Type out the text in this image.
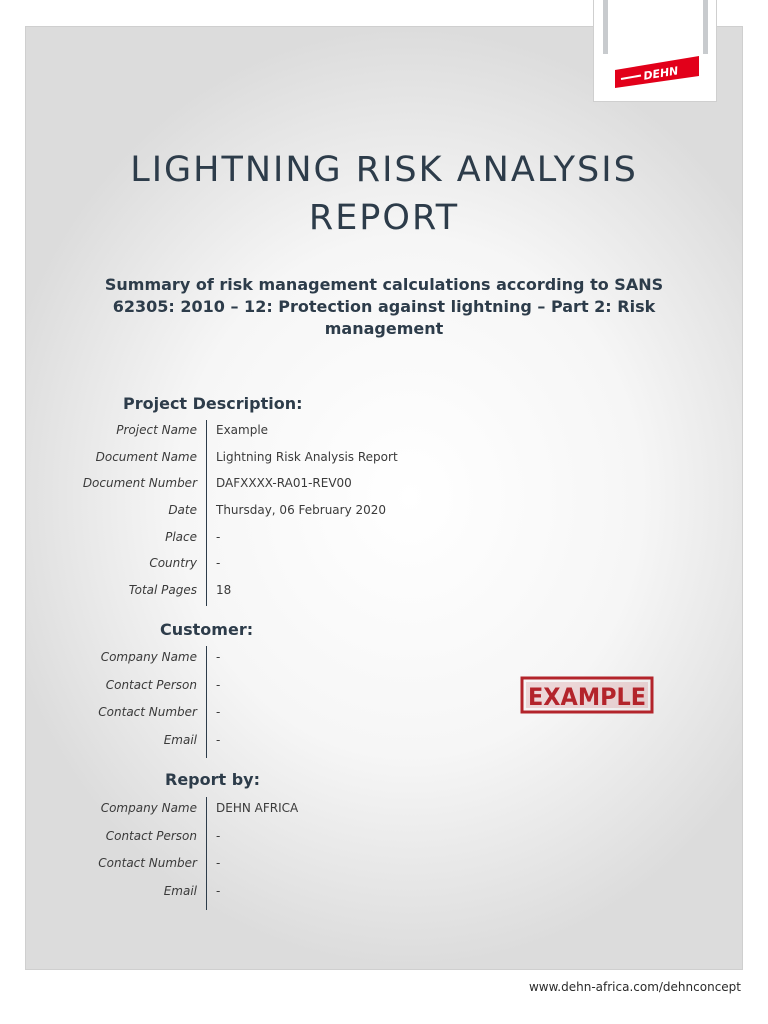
DEHN
LIGHTNING RISK ANALYSIS REPORT

Summary of risk management calculations according to SANS 62305: 2010 – 12: Protection against lightning – Part 2: Risk management

Project Description:
Project Name Example
Document Name Lightning Risk Analysis Report
Document Number DAFXXXX-RA01-REV00
Date Thursday, 06 February 2020
Place -
Country -
Total Pages 18
Customer:
Company Name -
Contact Person -
Contact Number -
Email -
EXAMPLE
Report by:
Company Name DEHN AFRICA
Contact Person -
Contact Number -
Email -
www.dehn-africa.com/dehnconcept
